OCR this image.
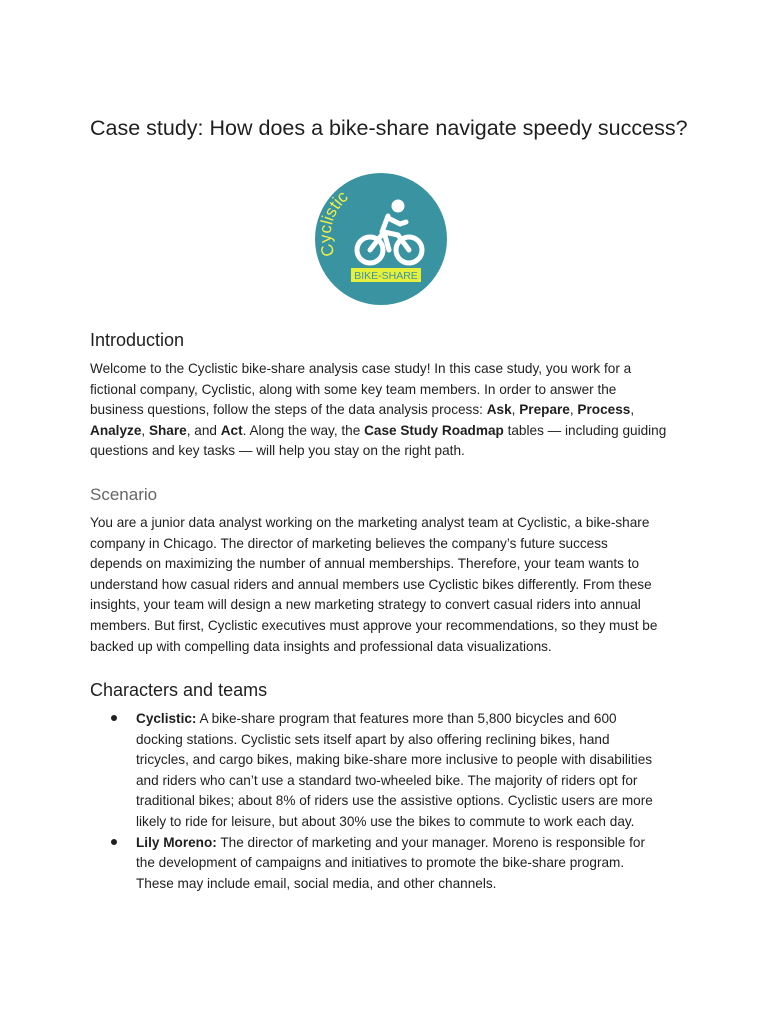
Case study: How does a bike-share navigate speedy success?
Cyclistic
BIKE-SHARE
Introduction
Welcome to the Cyclistic bike-share analysis case study! In this case study, you work for a
fictional company, Cyclistic, along with some key team members. In order to answer the
business questions, follow the steps of the data analysis process: Ask, Prepare, Process,
Analyze, Share, and Act. Along the way, the Case Study Roadmap tables — including guiding
questions and key tasks — will help you stay on the right path.
Scenario
You are a junior data analyst working on the marketing analyst team at Cyclistic, a bike-share
company in Chicago. The director of marketing believes the company’s future success
depends on maximizing the number of annual memberships. Therefore, your team wants to
understand how casual riders and annual members use Cyclistic bikes differently. From these
insights, your team will design a new marketing strategy to convert casual riders into annual
members. But first, Cyclistic executives must approve your recommendations, so they must be
backed up with compelling data insights and professional data visualizations.
Characters and teams
Cyclistic: A bike-share program that features more than 5,800 bicycles and 600
docking stations. Cyclistic sets itself apart by also offering reclining bikes, hand
tricycles, and cargo bikes, making bike-share more inclusive to people with disabilities
and riders who can’t use a standard two-wheeled bike. The majority of riders opt for
traditional bikes; about 8% of riders use the assistive options. Cyclistic users are more
likely to ride for leisure, but about 30% use the bikes to commute to work each day.
Lily Moreno: The director of marketing and your manager. Moreno is responsible for
the development of campaigns and initiatives to promote the bike-share program.
These may include email, social media, and other channels.
